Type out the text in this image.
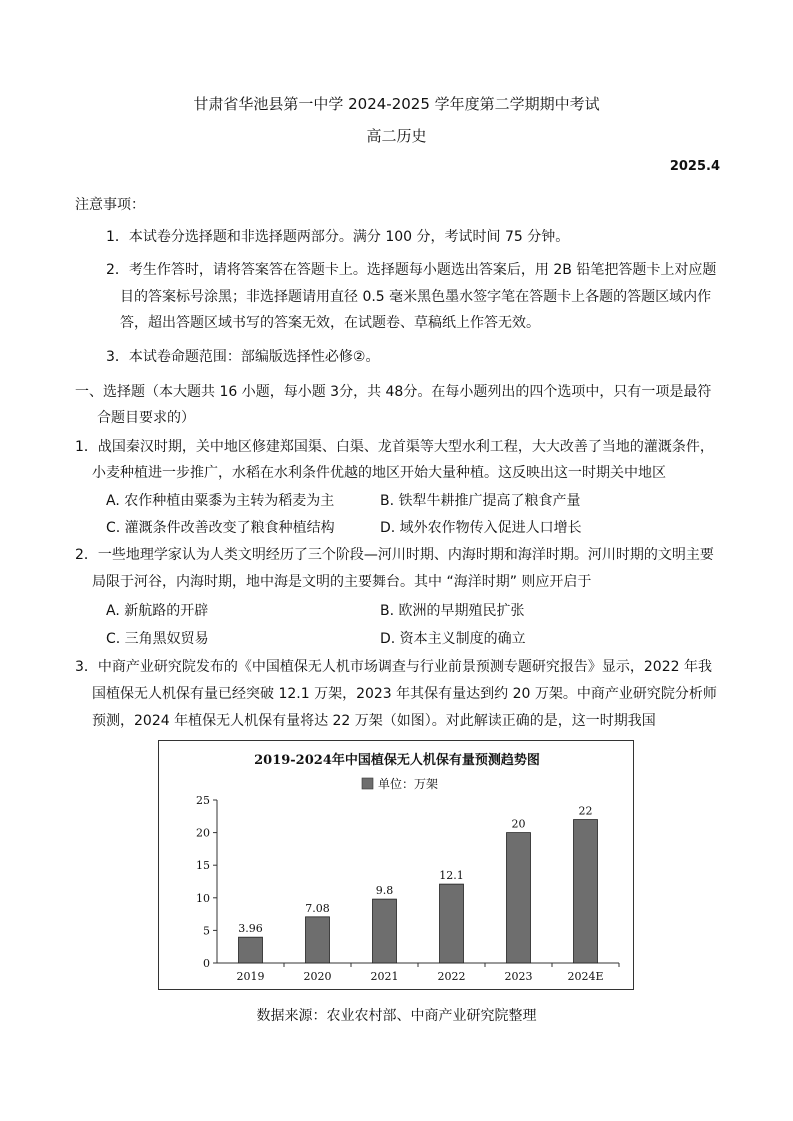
甘肃省华池县第一中学 2024-2025 学年度第二学期期中考试
高二历史
2025.4
注意事项：
1．本试卷分选择题和非选择题两部分。满分 100 分，考试时间 75 分钟。
2．考生作答时，请将答案答在答题卡上。选择题每小题选出答案后，用 2B 铅笔把答题卡上对应题
目的答案标号涂黑；非选择题请用直径 0.5 毫米黑色墨水签字笔在答题卡上各题的答题区域内作
答，超出答题区域书写的答案无效，在试题卷、草稿纸上作答无效。
3．本试卷命题范围：部编版选择性必修②。
一、选择题（本大题共 16 小题，每小题 3分，共 48分。在每小题列出的四个选项中，只有一项是最符
合题目要求的）
1．战国秦汉时期，关中地区修建郑国渠、白渠、龙首渠等大型水利工程，大大改善了当地的灌溉条件，
小麦种植进一步推广，水稻在水利条件优越的地区开始大量种植。这反映出这一时期关中地区
A. 农作种植由粟黍为主转为稻麦为主	B. 铁犁牛耕推广提高了粮食产量
C. 灌溉条件改善改变了粮食种植结构	D. 域外农作物传入促进人口增长
2．一些地理学家认为人类文明经历了三个阶段—河川时期、内海时期和海洋时期。河川时期的文明主要
局限于河谷，内海时期，地中海是文明的主要舞台。其中 “海洋时期” 则应开启于
A. 新航路的开辟	B. 欧洲的早期殖民扩张
C. 三角黑奴贸易	D. 资本主义制度的确立
3．中商产业研究院发布的《中国植保无人机市场调查与行业前景预测专题研究报告》显示，2022 年我
国植保无人机保有量已经突破 12.1 万架，2023 年其保有量达到约 20 万架。中商产业研究院分析师
预测，2024 年植保无人机保有量将达 22 万架（如图）。对此解读正确的是，这一时期我国
2019-2024年中国植保无人机保有量预测趋势图
单位：万架
0
5
10
15
20
25
3.96
2019
7.08
2020
9.8
2021
12.1
2022
20
2023
22
2024E
数据来源：农业农村部、中商产业研究院整理
